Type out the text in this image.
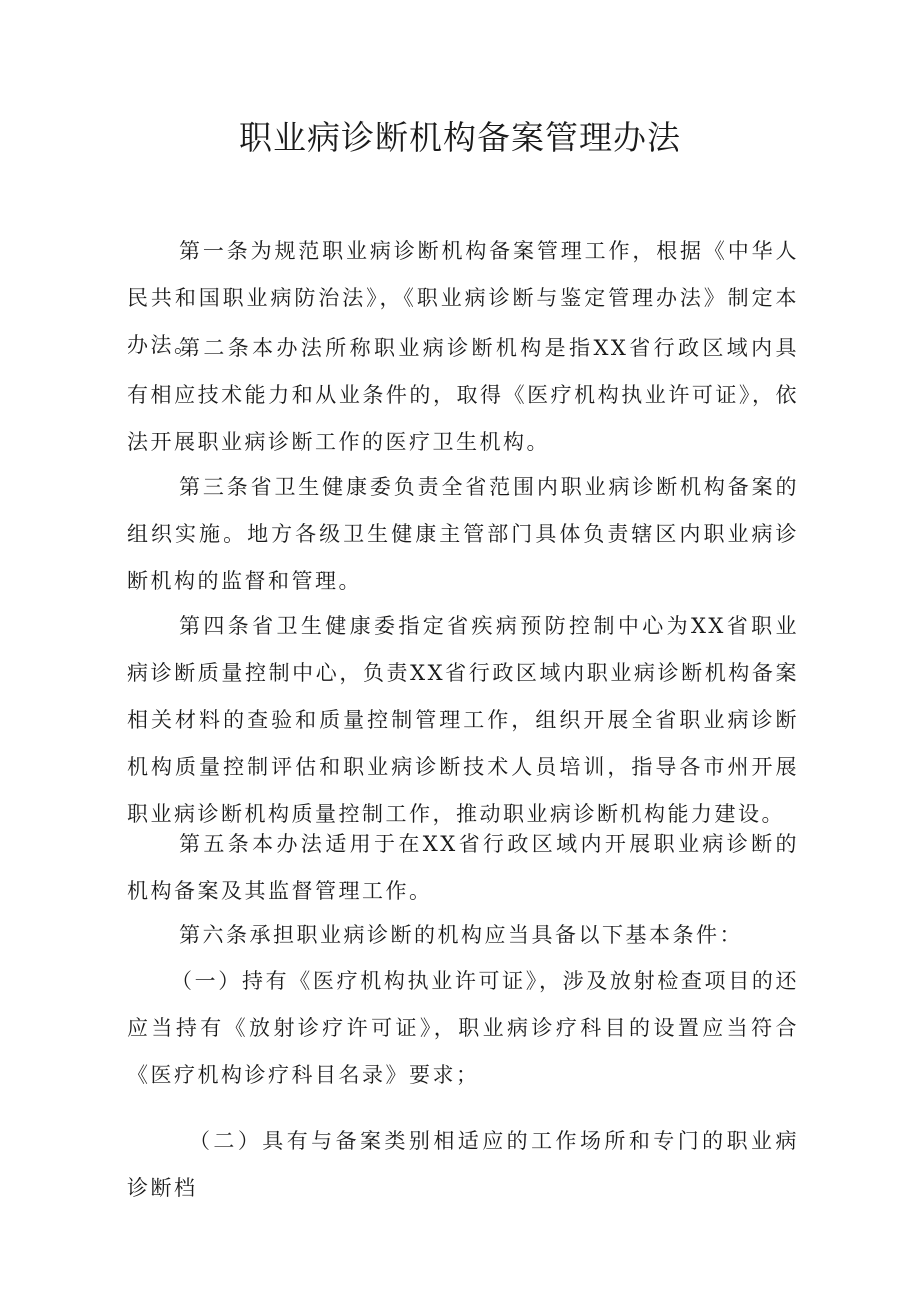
职业病诊断机构备案管理办法

第一条为规范职业病诊断机构备案管理工作，根据《中华人民共和国职业病防治法》，《职业病诊断与鉴定管理办法》制定本办法。

第二条本办法所称职业病诊断机构是指XX省行政区域内具有相应技术能力和从业条件的，取得《医疗机构执业许可证》，依法开展职业病诊断工作的医疗卫生机构。

第三条省卫生健康委负责全省范围内职业病诊断机构备案的组织实施。地方各级卫生健康主管部门具体负责辖区内职业病诊断机构的监督和管理。

第四条省卫生健康委指定省疾病预防控制中心为XX省职业病诊断质量控制中心，负责XX省行政区域内职业病诊断机构备案相关材料的查验和质量控制管理工作，组织开展全省职业病诊断机构质量控制评估和职业病诊断技术人员培训，指导各市州开展职业病诊断机构质量控制工作，推动职业病诊断机构能力建设。

第五条本办法适用于在XX省行政区域内开展职业病诊断的机构备案及其监督管理工作。

第六条承担职业病诊断的机构应当具备以下基本条件：

（一）持有《医疗机构执业许可证》，涉及放射检查项目的还应当持有《放射诊疗许可证》，职业病诊疗科目的设置应当符合《医疗机构诊疗科目名录》要求；

（二）具有与备案类别相适应的工作场所和专门的职业病诊断档
